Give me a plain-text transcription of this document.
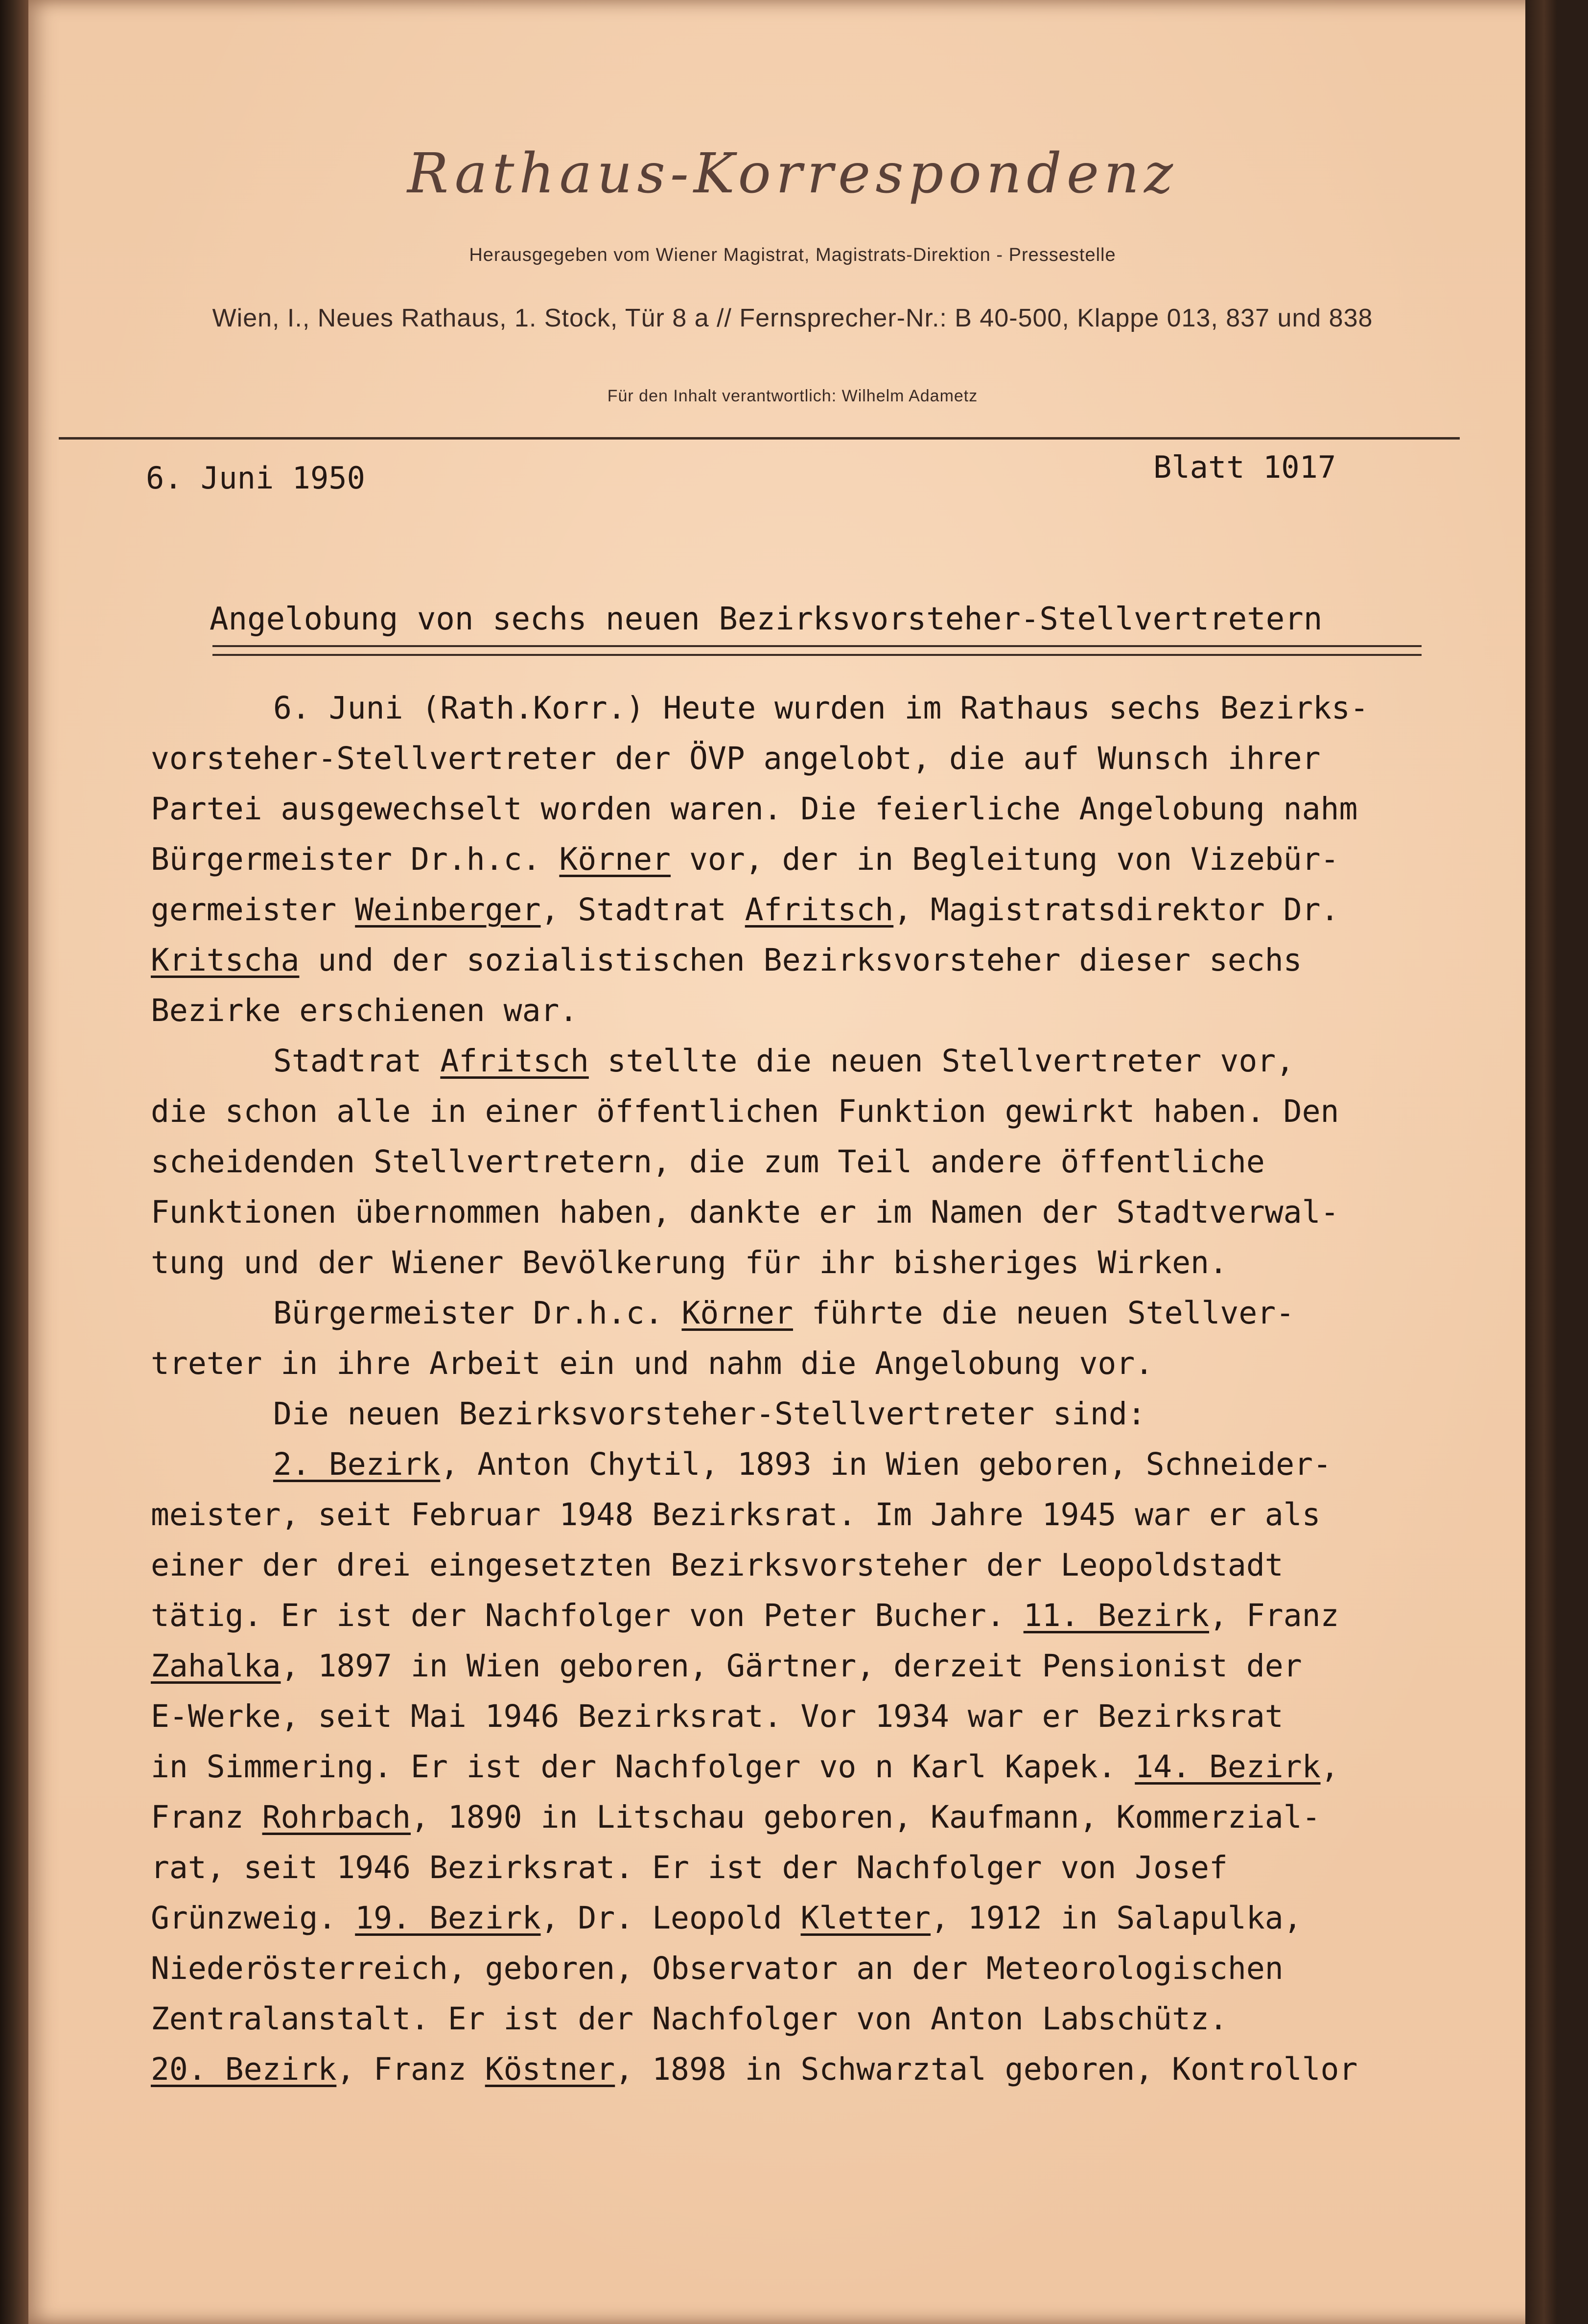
Rathaus-Korrespondenz
Herausgegeben vom Wiener Magistrat, Magistrats-Direktion - Pressestelle
Wien, I., Neues Rathaus, 1. Stock, Tür 8 a // Fernsprecher-Nr.: B 40-500, Klappe 013, 837 und 838
Für den Inhalt verantwortlich: Wilhelm Adametz
6. Juni 1950	Blatt 1017
Angelobung von sechs neuen Bezirksvorsteher-Stellvertretern
6. Juni (Rath.Korr.) Heute wurden im Rathaus sechs Bezirks-
vorsteher-Stellvertreter der ÖVP angelobt, die auf Wunsch ihrer
Partei ausgewechselt worden waren. Die feierliche Angelobung nahm
Bürgermeister Dr.h.c. Körner vor, der in Begleitung von Vizebür-
germeister Weinberger, Stadtrat Afritsch, Magistratsdirektor Dr.
Kritscha und der sozialistischen Bezirksvorsteher dieser sechs
Bezirke erschienen war.
Stadtrat Afritsch stellte die neuen Stellvertreter vor,
die schon alle in einer öffentlichen Funktion gewirkt haben. Den
scheidenden Stellvertretern, die zum Teil andere öffentliche
Funktionen übernommen haben, dankte er im Namen der Stadtverwal-
tung und der Wiener Bevölkerung für ihr bisheriges Wirken.
Bürgermeister Dr.h.c. Körner führte die neuen Stellver-
treter in ihre Arbeit ein und nahm die Angelobung vor.
Die neuen Bezirksvorsteher-Stellvertreter sind:
2. Bezirk, Anton Chytil, 1893 in Wien geboren, Schneider-
meister, seit Februar 1948 Bezirksrat. Im Jahre 1945 war er als
einer der drei eingesetzten Bezirksvorsteher der Leopoldstadt
tätig. Er ist der Nachfolger von Peter Bucher. 11. Bezirk, Franz
Zahalka, 1897 in Wien geboren, Gärtner, derzeit Pensionist der
E-Werke, seit Mai 1946 Bezirksrat. Vor 1934 war er Bezirksrat
in Simmering. Er ist der Nachfolger vo n Karl Kapek. 14. Bezirk,
Franz Rohrbach, 1890 in Litschau geboren, Kaufmann, Kommerzial-
rat, seit 1946 Bezirksrat. Er ist der Nachfolger von Josef
Grünzweig. 19. Bezirk, Dr. Leopold Kletter, 1912 in Salapulka,
Niederösterreich, geboren, Observator an der Meteorologischen
Zentralanstalt. Er ist der Nachfolger von Anton Labschütz.
20. Bezirk, Franz Köstner, 1898 in Schwarztal geboren, Kontrollor
